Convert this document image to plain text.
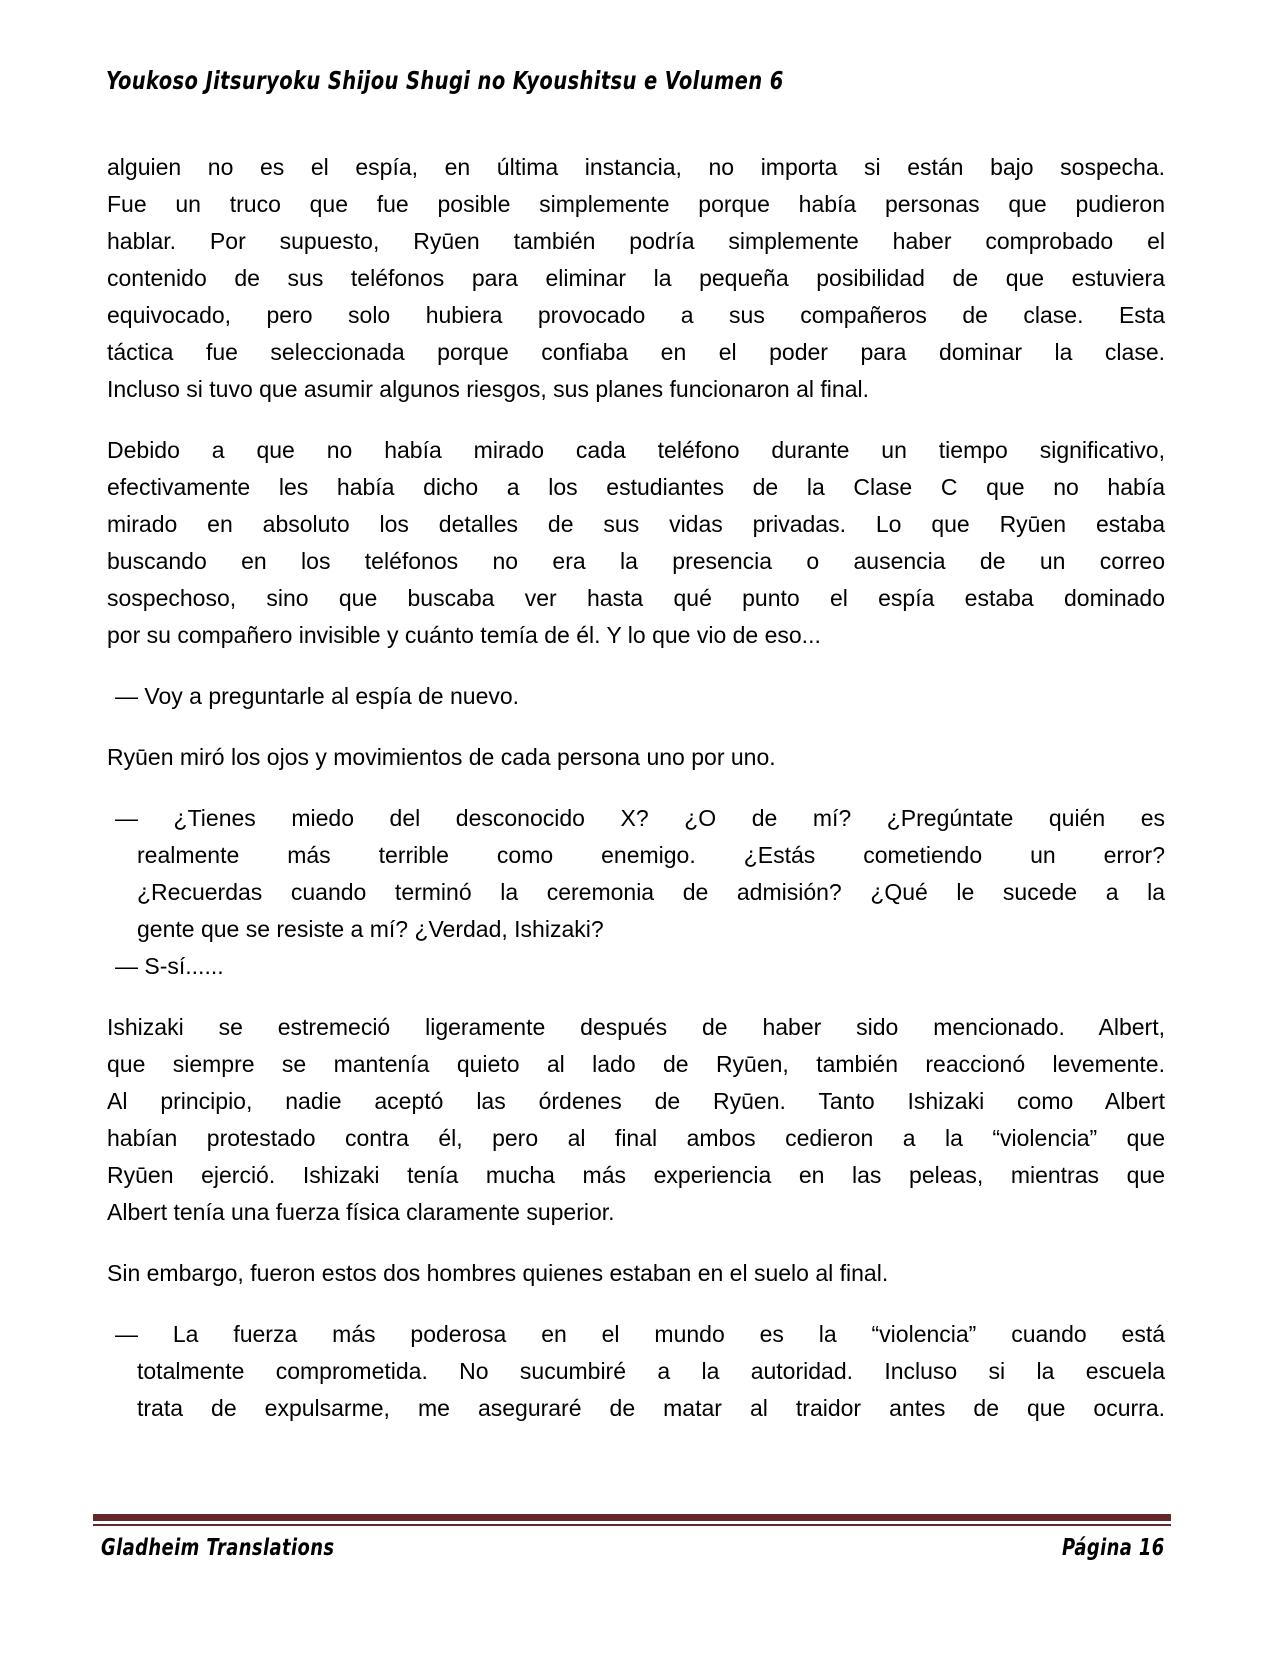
Youkoso Jitsuryoku Shijou Shugi no Kyoushitsu e Volumen 6
alguien no es el espía, en última instancia, no importa si están bajo sospecha.
Fue un truco que fue posible simplemente porque había personas que pudieron
hablar. Por supuesto, Ryūen también podría simplemente haber comprobado el
contenido de sus teléfonos para eliminar la pequeña posibilidad de que estuviera
equivocado, pero solo hubiera provocado a sus compañeros de clase. Esta
táctica fue seleccionada porque confiaba en el poder para dominar la clase.
Incluso si tuvo que asumir algunos riesgos, sus planes funcionaron al final.
Debido a que no había mirado cada teléfono durante un tiempo significativo,
efectivamente les había dicho a los estudiantes de la Clase C que no había
mirado en absoluto los detalles de sus vidas privadas. Lo que Ryūen estaba
buscando en los teléfonos no era la presencia o ausencia de un correo
sospechoso, sino que buscaba ver hasta qué punto el espía estaba dominado
por su compañero invisible y cuánto temía de él. Y lo que vio de eso...
— Voy a preguntarle al espía de nuevo.
Ryūen miró los ojos y movimientos de cada persona uno por uno.
— ¿Tienes miedo del desconocido X? ¿O de mí? ¿Pregúntate quién es
realmente más terrible como enemigo. ¿Estás cometiendo un error?
¿Recuerdas cuando terminó la ceremonia de admisión? ¿Qué le sucede a la
gente que se resiste a mí? ¿Verdad, Ishizaki?
— S-sí......
Ishizaki se estremeció ligeramente después de haber sido mencionado. Albert,
que siempre se mantenía quieto al lado de Ryūen, también reaccionó levemente.
Al principio, nadie aceptó las órdenes de Ryūen. Tanto Ishizaki como Albert
habían protestado contra él, pero al final ambos cedieron a la “violencia” que
Ryūen ejerció. Ishizaki tenía mucha más experiencia en las peleas, mientras que
Albert tenía una fuerza física claramente superior.
Sin embargo, fueron estos dos hombres quienes estaban en el suelo al final.
— La fuerza más poderosa en el mundo es la “violencia” cuando está
totalmente comprometida. No sucumbiré a la autoridad. Incluso si la escuela
trata de expulsarme, me aseguraré de matar al traidor antes de que ocurra.
Gladheim Translations	Página 16
